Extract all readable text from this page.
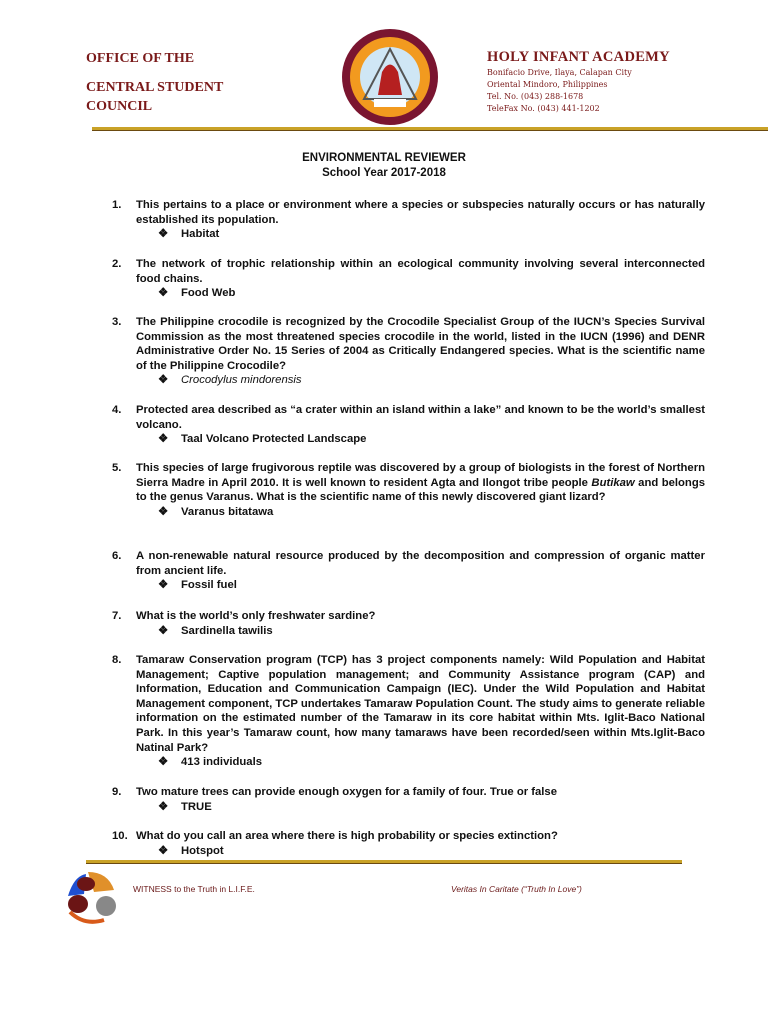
OFFICE OF THE
CENTRAL STUDENT
COUNCIL
HOLY INFANT ACADEMY
Bonifacio Drive, Ilaya, Calapan City
Oriental Mindoro, Philippines
Tel. No. (043) 288-1678
TeleFax No. (043) 441-1202
ENVIRONMENTAL REVIEWER
School Year 2017-2018
1. This pertains to a place or environment where a species or subspecies naturally occurs or has naturally established its population.
❖ Habitat
2. The network of trophic relationship within an ecological community involving several interconnected food chains.
❖ Food Web
3. The Philippine crocodile is recognized by the Crocodile Specialist Group of the IUCN’s Species Survival Commission as the most threatened species crocodile in the world, listed in the IUCN (1996) and DENR Administrative Order No. 15 Series of 2004 as Critically Endangered species. What is the scientific name of the Philippine Crocodile?
❖ Crocodylus mindorensis
4. Protected area described as “a crater within an island within a lake” and known to be the world’s smallest volcano.
❖ Taal Volcano Protected Landscape
5. This species of large frugivorous reptile was discovered by a group of biologists in the forest of Northern Sierra Madre in April 2010. It is well known to resident Agta and Ilongot tribe people Butikaw and belongs to the genus Varanus. What is the scientific name of this newly discovered giant lizard?
❖ Varanus bitatawa
6. A non-renewable natural resource produced by the decomposition and compression of organic matter from ancient life.
❖ Fossil fuel
7. What is the world’s only freshwater sardine?
❖ Sardinella tawilis
8. Tamaraw Conservation program (TCP) has 3 project components namely: Wild Population and Habitat Management; Captive population management; and Community Assistance program (CAP) and Information, Education and Communication Campaign (IEC). Under the Wild Population and Habitat Management component, TCP undertakes Tamaraw Population Count. The study aims to generate reliable information on the estimated number of the Tamaraw in its core habitat within Mts. Iglit-Baco National Park. In this year’s Tamaraw count, how many tamaraws have been recorded/seen within Mts.Iglit-Baco Natinal Park?
❖ 413 individuals
9. Two mature trees can provide enough oxygen for a family of four. True or false
❖ TRUE
10. What do you call an area where there is high probability or species extinction?
❖ Hotspot
WITNESS to the Truth in L.I.F.E.	Veritas In Caritate (“Truth In Love”)
